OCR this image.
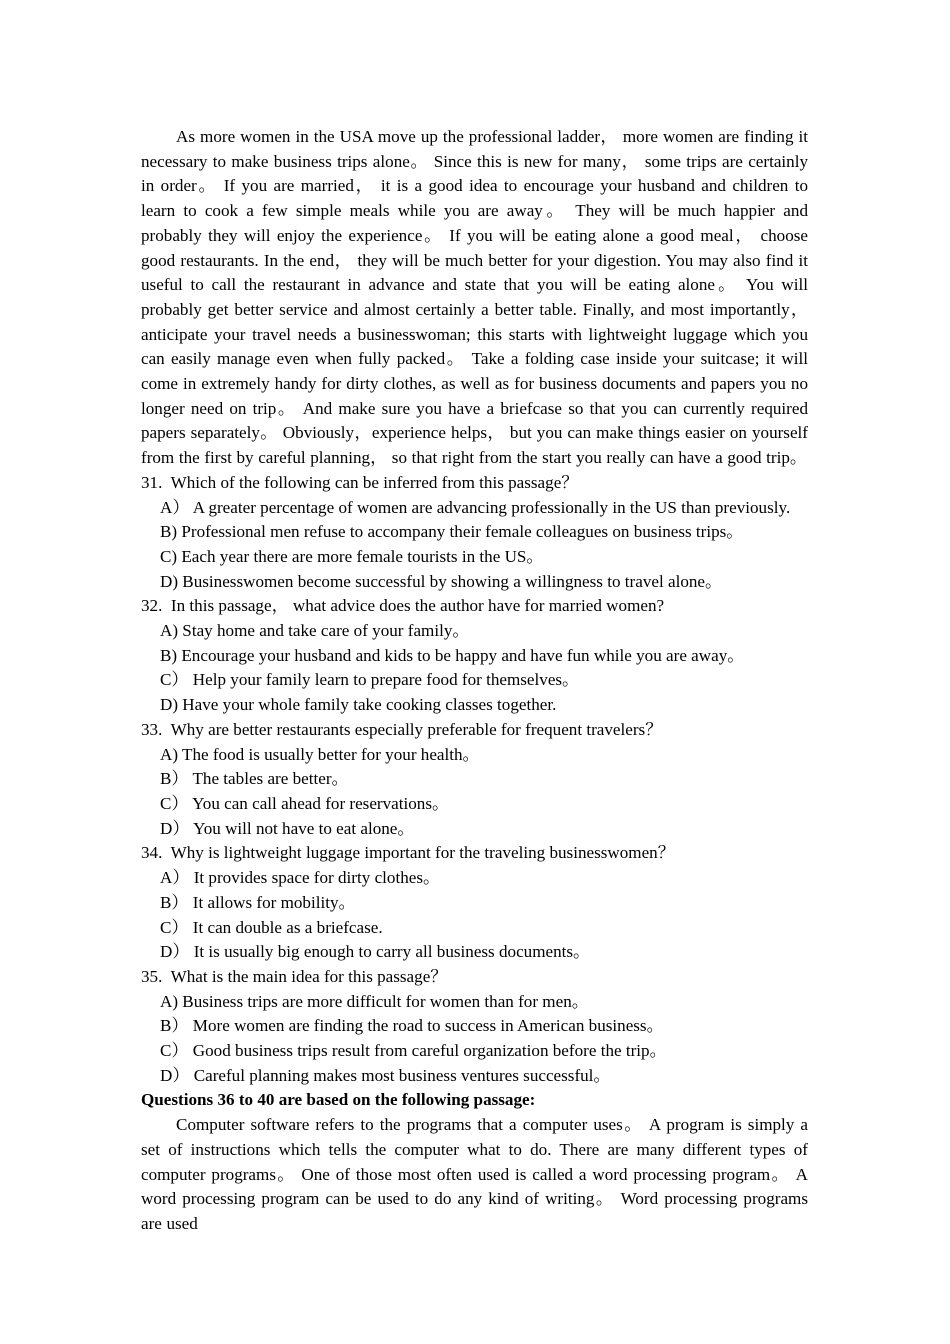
As more women in the USA move up the professional ladder， more women are finding it necessary to make business trips alone。 Since this is new for many， some trips are certainly in order。 If you are married， it is a good idea to encourage your husband and children to learn to cook a few simple meals while you are away。 They will be much happier and probably they will enjoy the experience。 If you will be eating alone a good meal， choose good restaurants. In the end， they will be much better for your digestion. You may also find it useful to call the restaurant in advance and state that you will be eating alone。 You will probably get better service and almost certainly a better table. Finally, and most importantly， anticipate your travel needs a businesswoman; this starts with lightweight luggage which you can easily manage even when fully packed。 Take a folding case inside your suitcase; it will come in extremely handy for dirty clothes, as well as for business documents and papers you no longer need on trip。 And make sure you have a briefcase so that you can currently required papers separately。 Obviously，experience helps， but you can make things easier on yourself from the first by careful planning， so that right from the start you really can have a good trip。

31. Which of the following can be inferred from this passage？

A） A greater percentage of women are advancing professionally in the US than previously.

B) Professional men refuse to accompany their female colleagues on business trips。

C) Each year there are more female tourists in the US。

D) Businesswomen become successful by showing a willingness to travel alone。

32. In this passage， what advice does the author have for married women?

A) Stay home and take care of your family。

B) Encourage your husband and kids to be happy and have fun while you are away。

C） Help your family learn to prepare food for themselves。

D) Have your whole family take cooking classes together.

33. Why are better restaurants especially preferable for frequent travelers？

A) The food is usually better for your health。

B） The tables are better。

C） You can call ahead for reservations。

D） You will not have to eat alone。

34. Why is lightweight luggage important for the traveling businesswomen？

A） It provides space for dirty clothes。

B） It allows for mobility。

C） It can double as a briefcase.

D） It is usually big enough to carry all business documents。

35. What is the main idea for this passage？

A) Business trips are more difficult for women than for men。

B） More women are finding the road to success in American business。

C） Good business trips result from careful organization before the trip。

D） Careful planning makes most business ventures successful。

Questions 36 to 40 are based on the following passage:

Computer software refers to the programs that a computer uses。 A program is simply a set of instructions which tells the computer what to do. There are many different types of computer programs。 One of those most often used is called a word processing program。 A word processing program can be used to do any kind of writing。 Word processing programs are used
